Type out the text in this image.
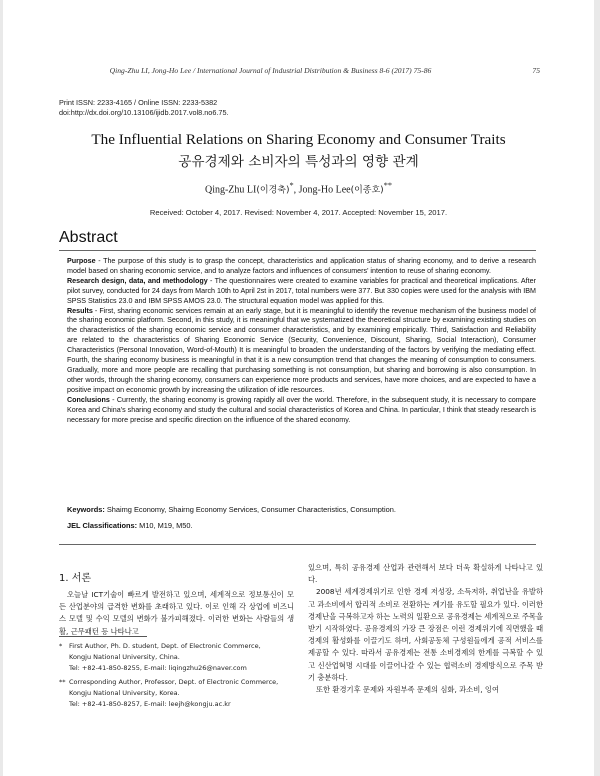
Qing-Zhu LI, Jong-Ho Lee / International Journal of Industrial Distribution & Business 8-6 (2017) 75-86	75
Print ISSN: 2233-4165 / Online ISSN: 2233-5382
doi:http://dx.doi.org/10.13106/ijidb.2017.vol8.no6.75.
The Influential Relations on Sharing Economy and Consumer Traits
공유경제와 소비자의 특성과의 영향 관계
Qing-Zhu LI(이경축)*, Jong-Ho Lee(이종호)**
Received: October 4, 2017. Revised: November 4, 2017. Accepted: November 15, 2017.
Abstract

Purpose - The purpose of this study is to grasp the concept, characteristics and application status of sharing economy, and to derive a research model based on sharing economic service, and to analyze factors and influences of consumers' intention to reuse of sharing economy.

Research design, data, and methodology - The questionnaires were created to examine variables for practical and theoretical implications. After pilot survey, conducted for 24 days from March 10th to April 2st in 2017, total numbers were 377. But 330 copies were used for the analysis with IBM SPSS Statistics 23.0 and IBM SPSS AMOS 23.0. The structural equation model was applied for this.

Results - First, sharing economic services remain at an early stage, but it is meaningful to identify the revenue mechanism of the business model of the sharing economic platform. Second, in this study, it is meaningful that we systematized the theoretical structure by examining existing studies on the characteristics of the sharing economic service and consumer characteristics, and by examining empirically. Third, Satisfaction and Reliability are related to the characteristics of Sharing Economic Service (Security, Convenience, Discount, Sharing, Social Interaction), Consumer Characteristics (Personal Innovation, Word-of-Mouth) It is meaningful to broaden the understanding of the factors by verifying the mediating effect. Fourth, the sharing economy business is meaningful in that it is a new consumption trend that changes the meaning of consumption to consumers. Gradually, more and more people are recalling that purchasing something is not consumption, but sharing and borrowing is also consumption. In other words, through the sharing economy, consumers can experience more products and services, have more choices, and are expected to have a positive impact on economic growth by increasing the utilization of idle resources.

Conclusions - Currently, the sharing economy is growing rapidly all over the world. Therefore, in the subsequent study, it is necessary to compare Korea and China's sharing economy and study the cultural and social characteristics of Korea and China. In particular, I think that steady research is necessary for more precise and specific direction on the influence of the shared economy.

Keywords: Shaimg Economy, Shairng Economy Services, Consumer Characteristics, Consumption.
JEL Classifications: M10, M19, M50.
1. 서론

오늘날 ICT기술이 빠르게 발전하고 있으며, 세계적으로 정보통신이 모든 산업분야의 급격한 변화를 초래하고 있다. 이로 인해 각 상업에 비즈니스 모델 및 수익 모델의 변화가 불가피해졌다. 이러한 변화는 사람들의 생활, 근무패턴 등 나타나고

*	First Author, Ph. D. student, Dept. of Electronic Commerce,
Kongju National University, China.
Tel: +82-41-850-8255, E-mail: liqingzhu26@naver.com
** Corresponding Author, Professor, Dept. of Electronic Commerce,
Kongju National University, Korea.
Tel: +82-41-850-8257, E-mail: leejh@kongju.ac.kr

있으며, 특히 공유경제 산업과 관련해서 보다 더욱 확실하게 나타나고 있다.

2008년 세계경제위기로 인한 경제 저성장, 소득저하, 취업난을 유발하고 과소비에서 합리적 소비로 전환하는 계기를 유도할 필요가 있다. 이러한 경제난을 극복하고자 하는 노력의 일환으로 공유경제는 세계적으로 주목을 받기 시작하였다. 공유경제의 가장 큰 장점은 이런 경제위기에 직면했을 때 경제의 활성화를 이끌기도 하며, 사회공동체 구성원들에게 공적 서비스를 제공할 수 있다. 따라서 공유경제는 전통 소비경제의 한계를 극복할 수 있고 신산업혁명 시대를 이끌어나갈 수 있는 협력소비 경제방식으로 주목 받기 충분하다.

또한 환경기후 문제와 자원부족 문제의 심화, 과소비, 잉여
